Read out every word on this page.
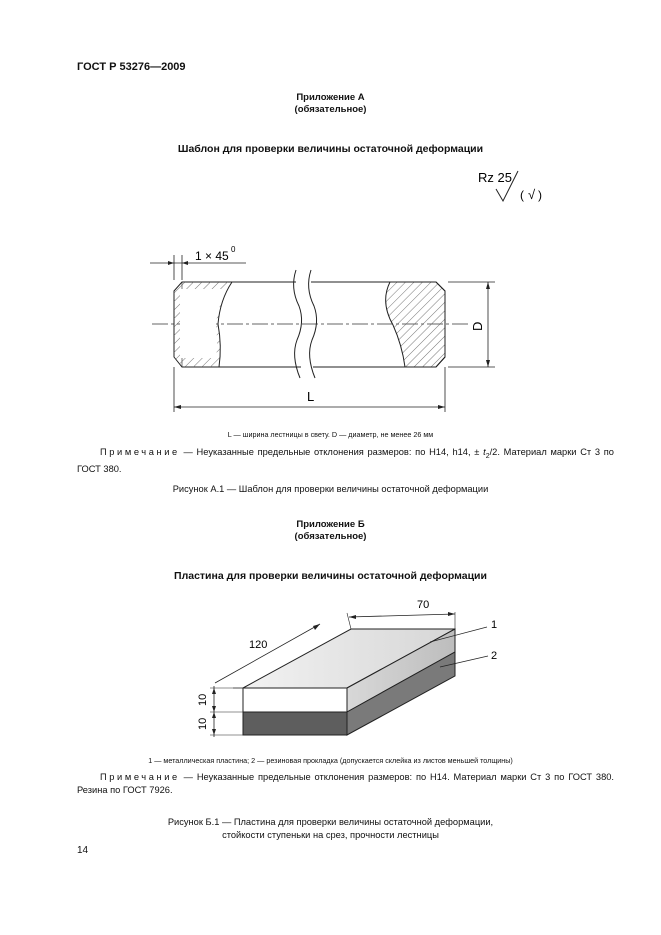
ГОСТ Р 53276—2009
Приложение А
(обязательное)
Шаблон для проверки величины остаточной деформации
Rz 25
( √ )
1 × 45 0
D
L
L — ширина лестницы в свету. D — диаметр, не менее 26 мм
Примечание — Неуказанные предельные отклонения размеров: по Н14, h14, ± $t_2/2$. Материал марки Ст 3 по ГОСТ 380.
Рисунок А.1 — Шаблон для проверки величины остаточной деформации
Приложение Б
(обязательное)
Пластина для проверки величины остаточной деформации
70
120
10
10
1
2
1 — металлическая пластина; 2 — резиновая прокладка (допускается склейка из листов меньшей толщины)
Примечание — Неуказанные предельные отклонения размеров: по Н14. Материал марки Ст 3 по ГОСТ 380. Резина по ГОСТ 7926.
Рисунок Б.1 — Пластина для проверки величины остаточной деформации,
стойкости ступеньки на срез, прочности лестницы
14
